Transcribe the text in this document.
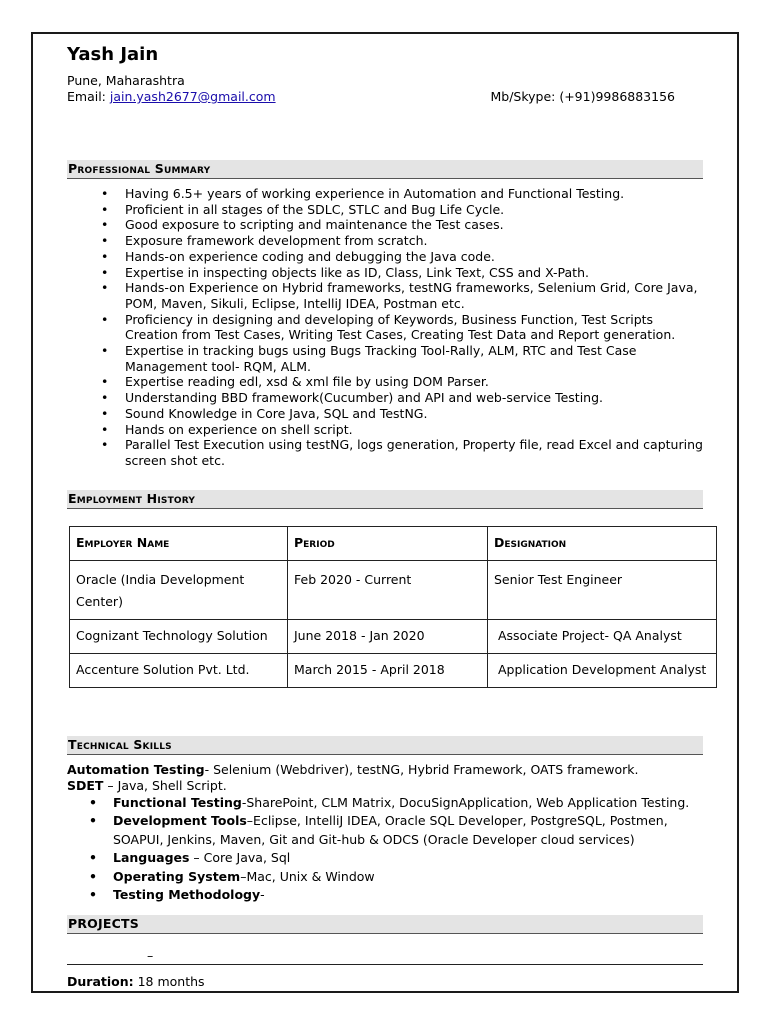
Yash Jain
Pune, Maharashtra
Email: jain.yash2677@gmail.com	Mb/Skype: (+91)9986883156
Professional Summary
• Having 6.5+ years of working experience in Automation and Functional Testing.
• Proficient in all stages of the SDLC, STLC and Bug Life Cycle.
• Good exposure to scripting and maintenance the Test cases.
• Exposure framework development from scratch.
• Hands-on experience coding and debugging the Java code.
• Expertise in inspecting objects like as ID, Class, Link Text, CSS and X-Path.
• Hands-on Experience on Hybrid frameworks, testNG frameworks, Selenium Grid, Core Java, POM, Maven, Sikuli, Eclipse, IntelliJ IDEA, Postman etc.
• Proficiency in designing and developing of Keywords, Business Function, Test Scripts Creation from Test Cases, Writing Test Cases, Creating Test Data and Report generation.
• Expertise in tracking bugs using Bugs Tracking Tool-Rally, ALM, RTC and Test Case Management tool- RQM, ALM.
• Expertise reading edl, xsd & xml file by using DOM Parser.
• Understanding BBD framework(Cucumber) and API and web-service Testing.
• Sound Knowledge in Core Java, SQL and TestNG.
• Hands on experience on shell script.
• Parallel Test Execution using testNG, logs generation, Property file, read Excel and capturing screen shot etc.
Employment History
Employer Name	Period	Designation
Oracle (India Development Center)	Feb 2020 - Current	Senior Test Engineer
Cognizant Technology Solution	June 2018 - Jan 2020	Associate Project- QA Analyst
Accenture Solution Pvt. Ltd.	March 2015 - April 2018	Application Development Analyst
Technical Skills
Automation Testing- Selenium (Webdriver), testNG, Hybrid Framework, OATS framework.
SDET – Java, Shell Script.
• Functional Testing-SharePoint, CLM Matrix, DocuSignApplication, Web Application Testing.
• Development Tools–Eclipse, IntelliJ IDEA, Oracle SQL Developer, PostgreSQL, Postmen, SOAPUI, Jenkins, Maven, Git and Git-hub & ODCS (Oracle Developer cloud services)
• Languages – Core Java, Sql
• Operating System–Mac, Unix & Window
• Testing Methodology-
PROJECTS
–
Duration: 18 months
